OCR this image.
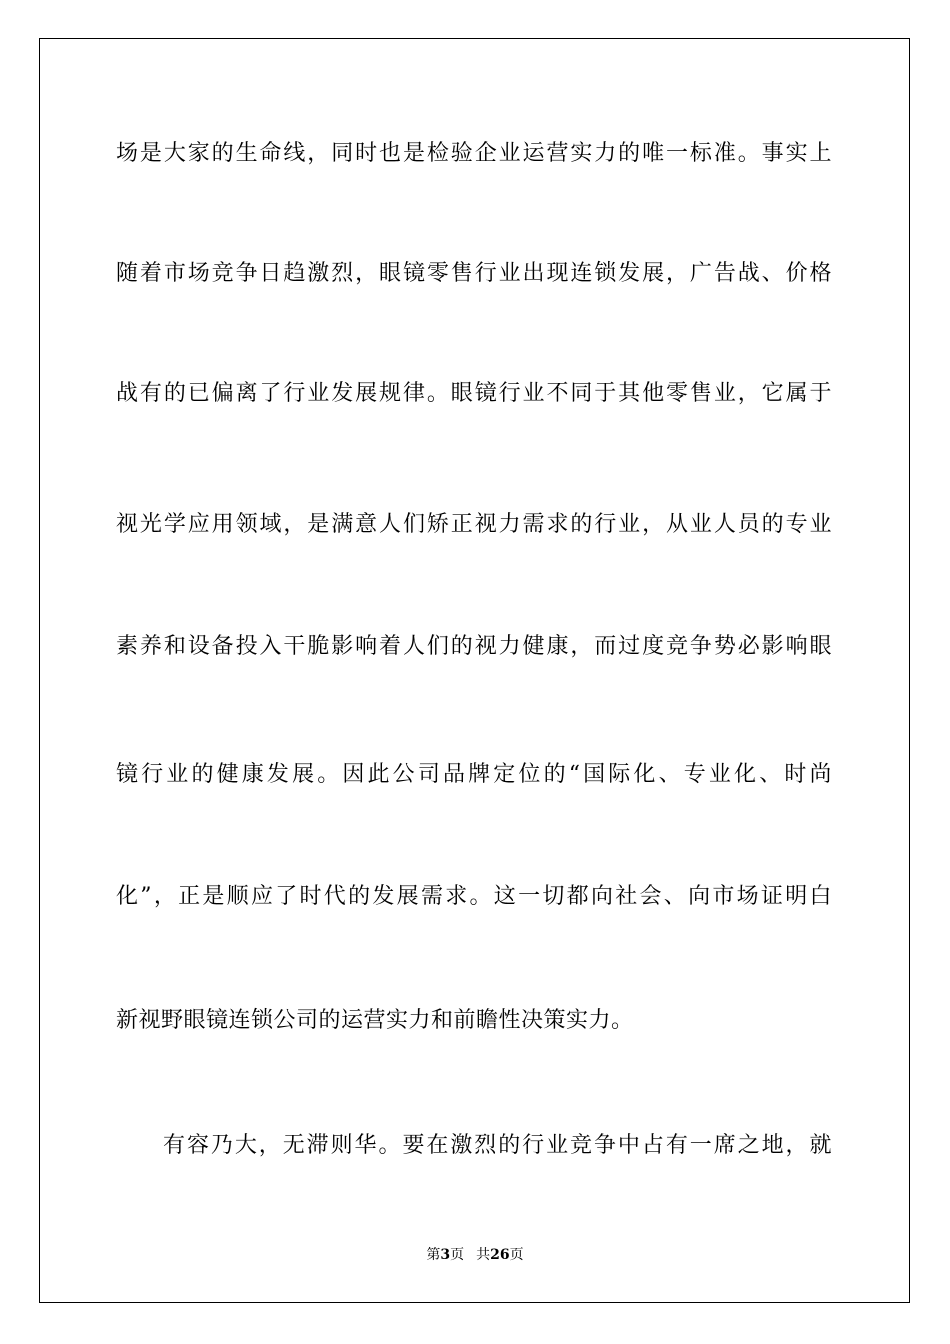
场是大家的生命线，同时也是检验企业运营实力的唯一标准。事实上
随着市场竞争日趋激烈，眼镜零售行业出现连锁发展，广告战、价格
战有的已偏离了行业发展规律。眼镜行业不同于其他零售业，它属于
视光学应用领域，是满意人们矫正视力需求的行业，从业人员的专业
素养和设备投入干脆影响着人们的视力健康，而过度竞争势必影响眼
镜行业的健康发展。因此公司品牌定位的“国际化、专业化、时尚
化”，正是顺应了时代的发展需求。这一切都向社会、向市场证明白
新视野眼镜连锁公司的运营实力和前瞻性决策实力。
有容乃大，无滞则华。要在激烈的行业竞争中占有一席之地，就
第3页 共26页
